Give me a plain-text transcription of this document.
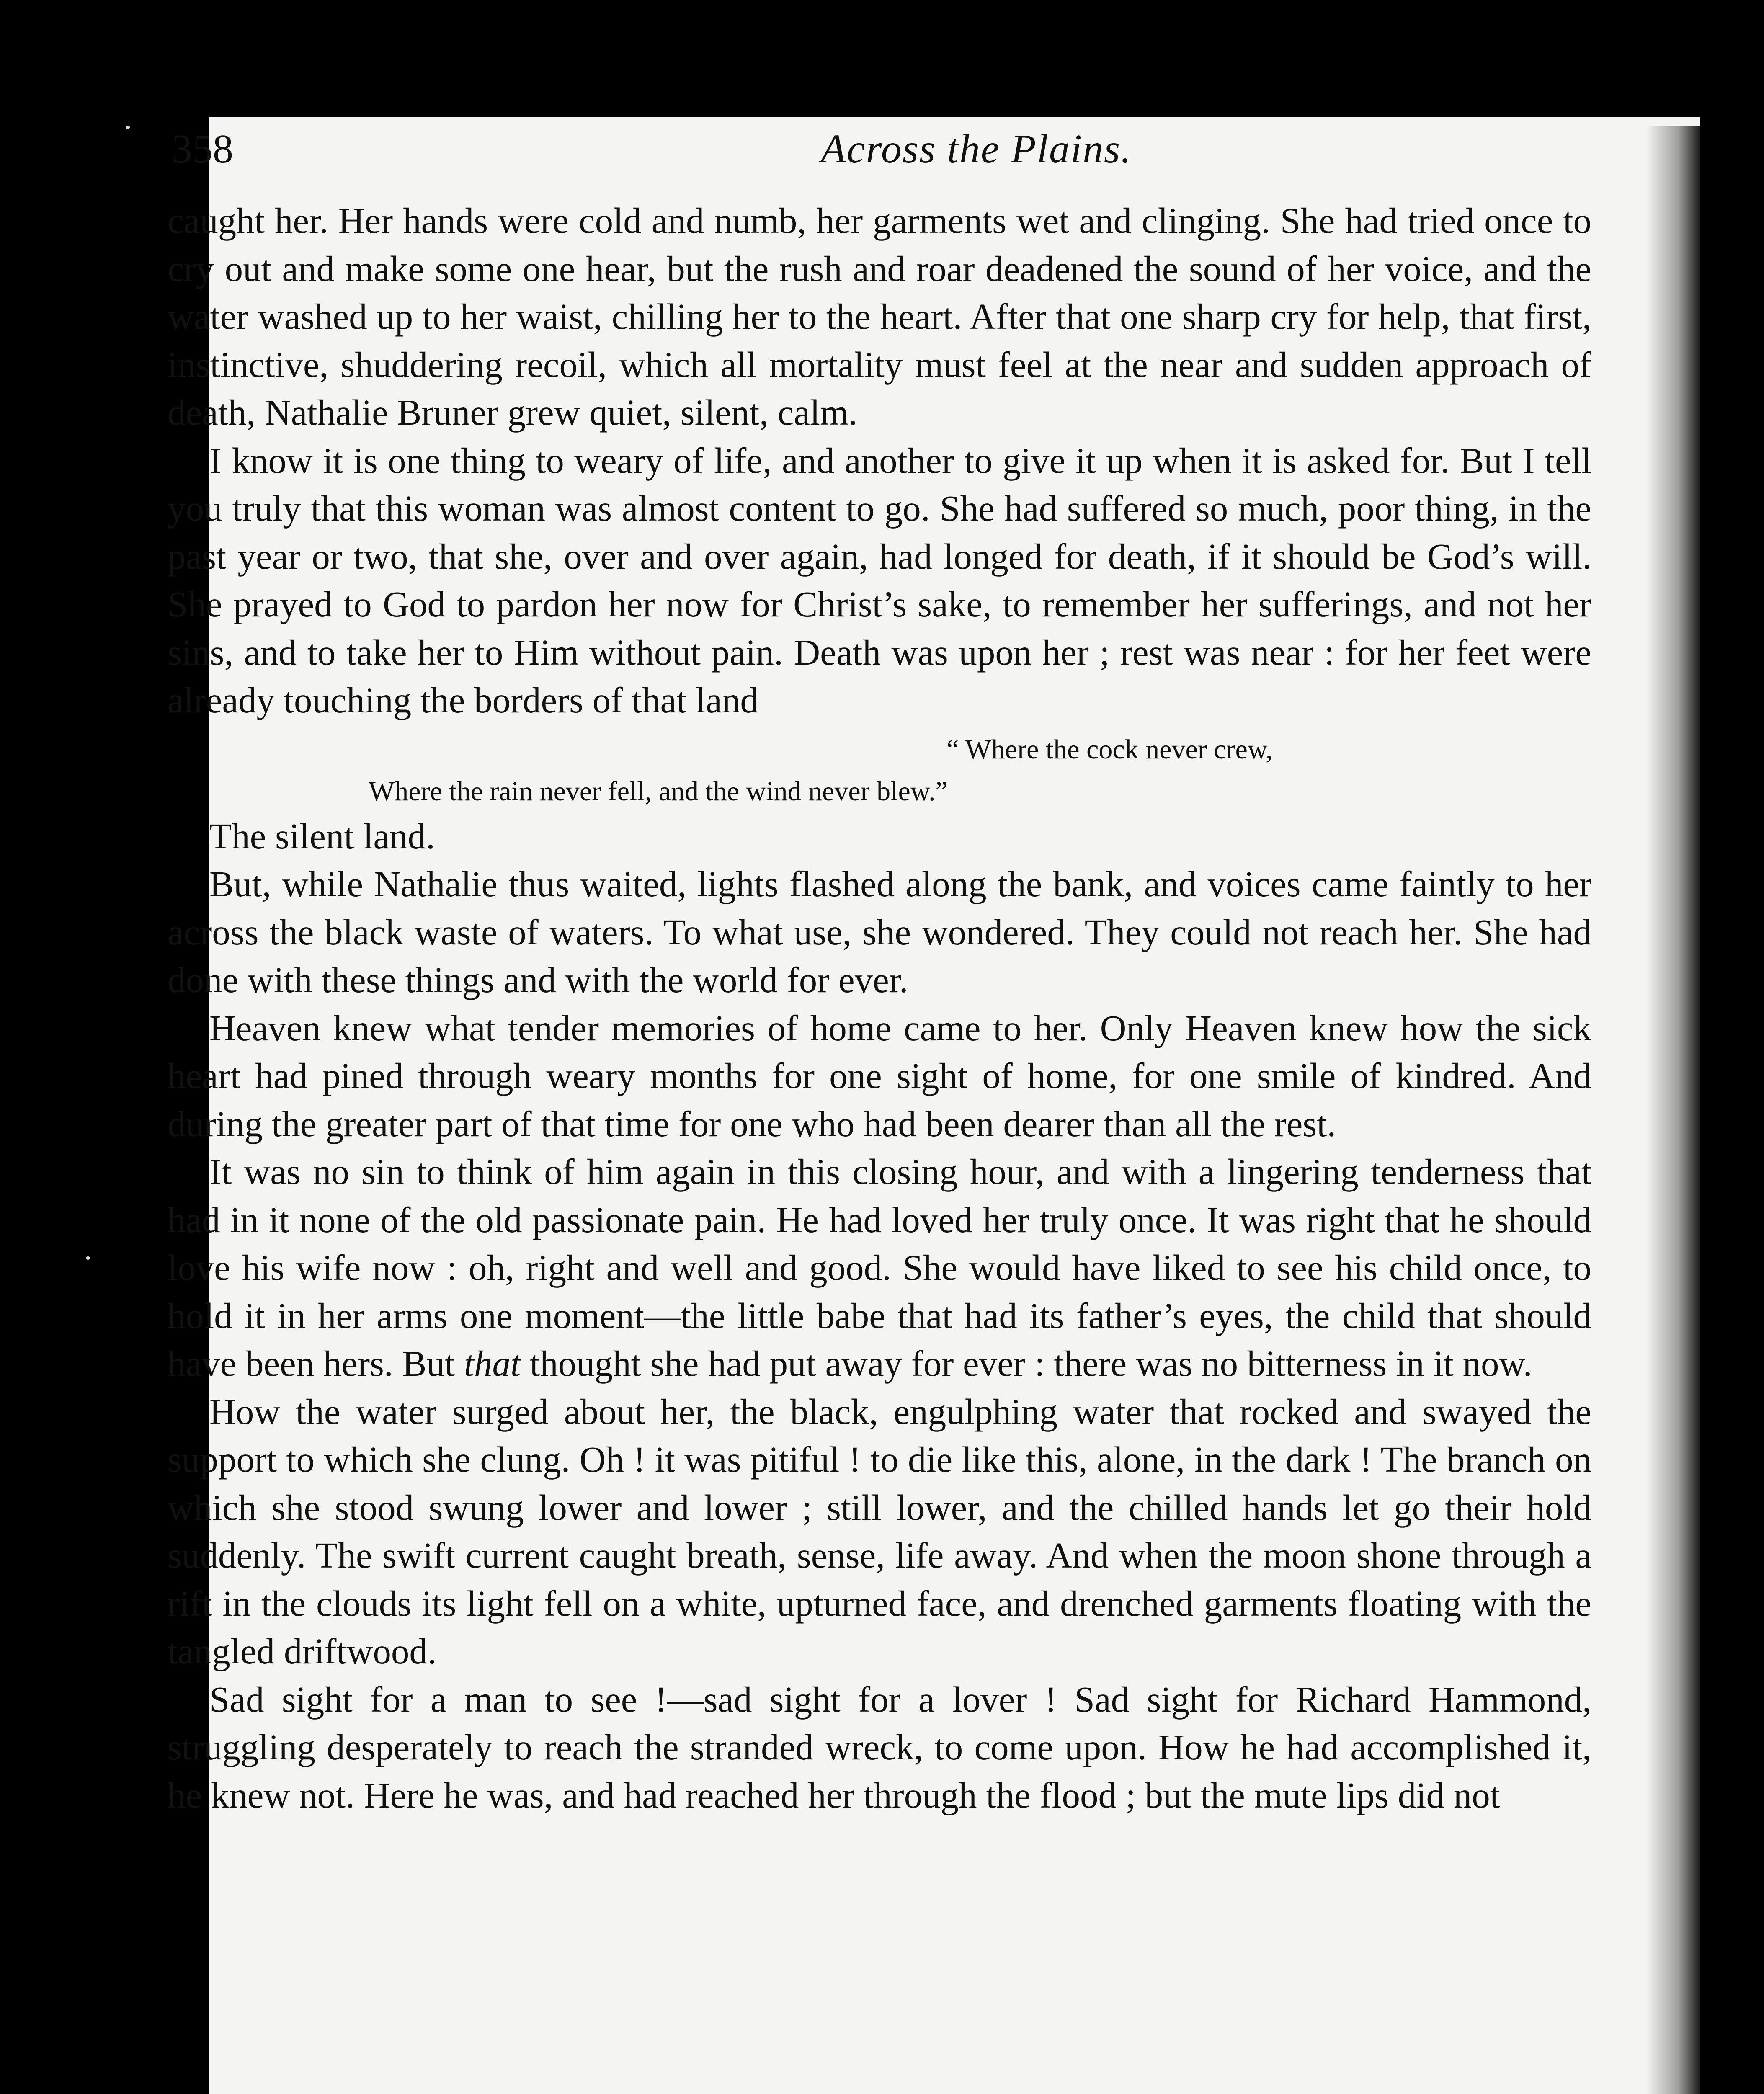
358	Across the Plains.

caught her. Her hands were cold and numb, her garments wet and clinging. She had tried once to cry out and make some one hear, but the rush and roar deadened the sound of her voice, and the water washed up to her waist, chilling her to the heart. After that one sharp cry for help, that first, instinctive, shuddering recoil, which all mortality must feel at the near and sudden approach of death, Nathalie Bruner grew quiet, silent, calm.

I know it is one thing to weary of life, and another to give it up when it is asked for. But I tell you truly that this woman was almost content to go. She had suffered so much, poor thing, in the past year or two, that she, over and over again, had longed for death, if it should be God’s will. She prayed to God to pardon her now for Christ’s sake, to remember her sufferings, and not her sins, and to take her to Him without pain. Death was upon her ; rest was near : for her feet were already touching the borders of that land

“ Where the cock never crew,
Where the rain never fell, and the wind never blew.”

The silent land.

But, while Nathalie thus waited, lights flashed along the bank, and voices came faintly to her across the black waste of waters. To what use, she wondered. They could not reach her. She had done with these things and with the world for ever.

Heaven knew what tender memories of home came to her. Only Heaven knew how the sick heart had pined through weary months for one sight of home, for one smile of kindred. And during the greater part of that time for one who had been dearer than all the rest.

It was no sin to think of him again in this closing hour, and with a lingering tenderness that had in it none of the old passionate pain. He had loved her truly once. It was right that he should love his wife now : oh, right and well and good. She would have liked to see his child once, to hold it in her arms one moment—the little babe that had its father’s eyes, the child that should have been hers. But that thought she had put away for ever : there was no bitterness in it now.

How the water surged about her, the black, engulphing water that rocked and swayed the support to which she clung. Oh ! it was pitiful ! to die like this, alone, in the dark ! The branch on which she stood swung lower and lower ; still lower, and the chilled hands let go their hold suddenly. The swift current caught breath, sense, life away. And when the moon shone through a rift in the clouds its light fell on a white, upturned face, and drenched garments floating with the tangled driftwood.

Sad sight for a man to see !—sad sight for a lover ! Sad sight for Richard Hammond, struggling desperately to reach the stranded wreck, to come upon. How he had accomplished it, he knew not. Here he was, and had reached her through the flood ; but the mute lips did not
